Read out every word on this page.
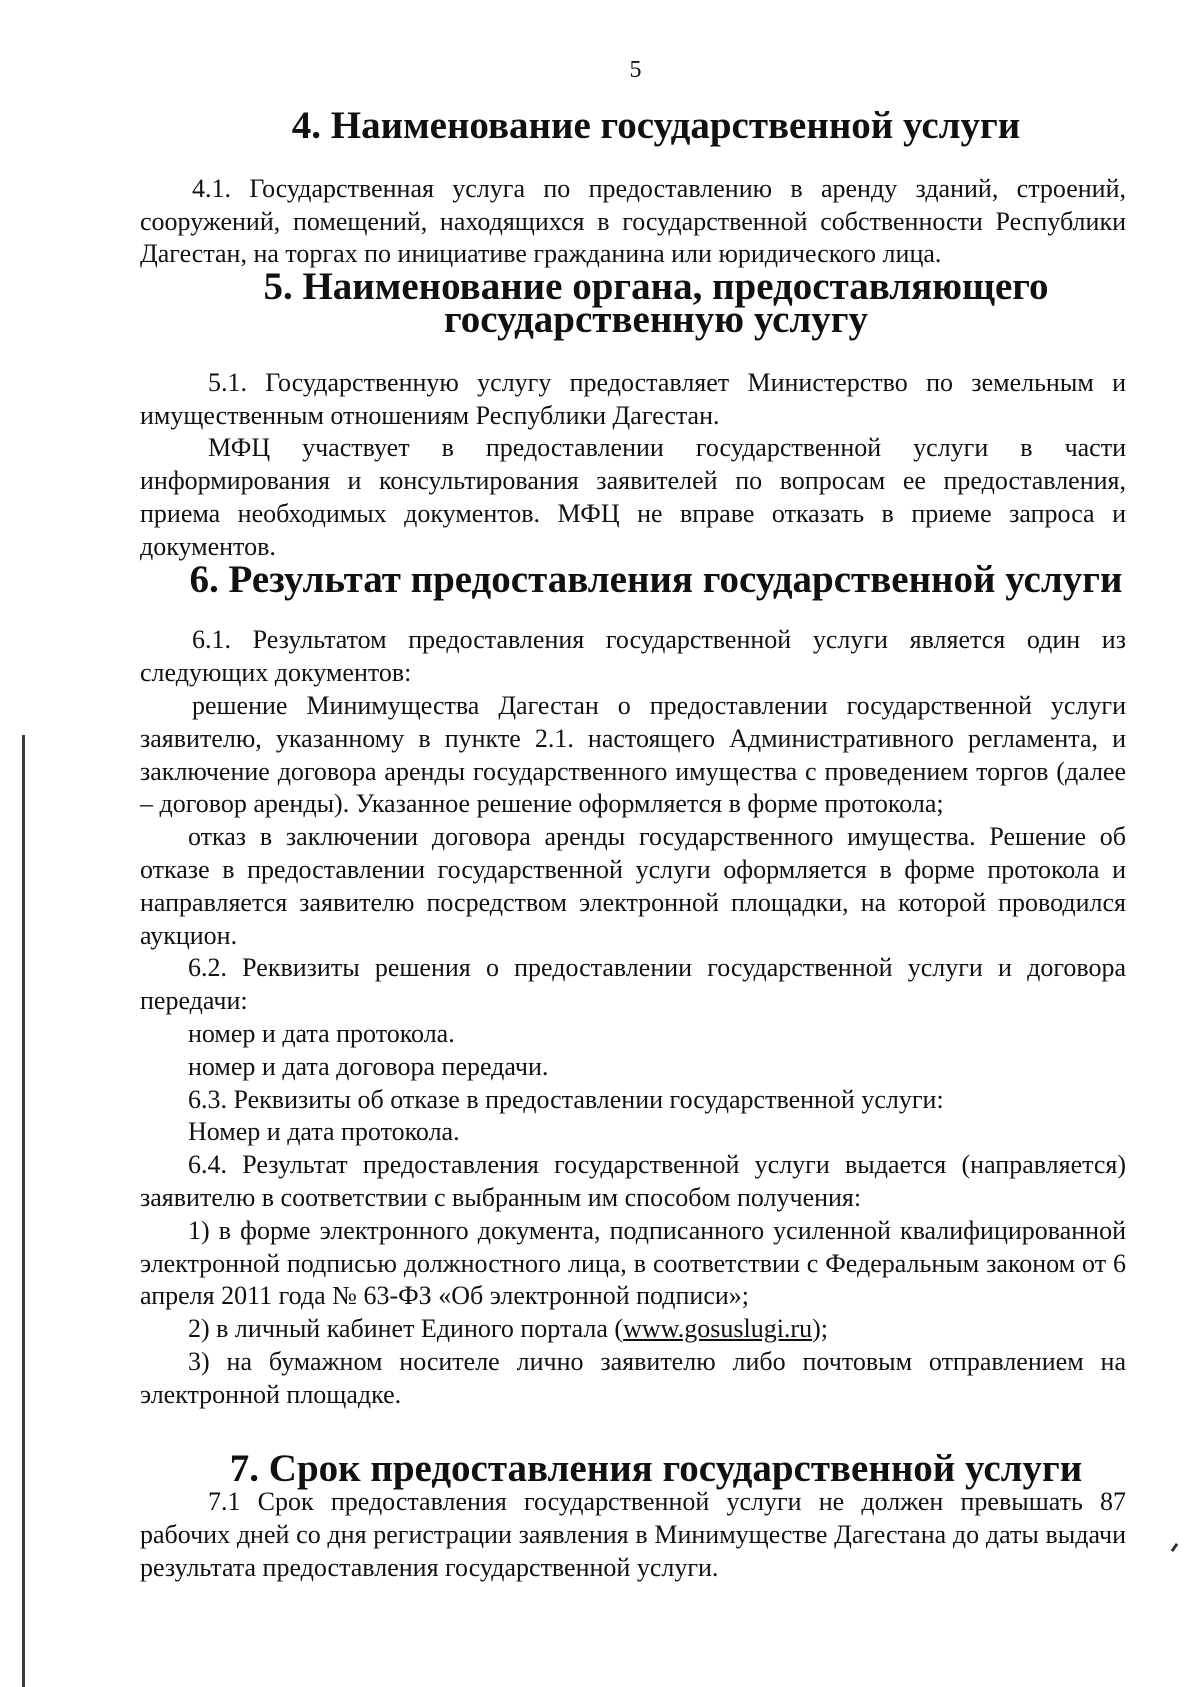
5
4. Наименование государственной услуги

4.1. Государственная услуга по предоставлению в аренду зданий, строений, сооружений, помещений, находящихся в государственной собственности Республики Дагестан, на торгах по инициативе гражданина или юридического лица.

5. Наименование органа, предоставляющего
государственную услугу

5.1. Государственную услугу предоставляет Министерство по земельным и имущественным отношениям Республики Дагестан.

МФЦ участвует в предоставлении государственной услуги в части информирования и консультирования заявителей по вопросам ее предоставления, приема необходимых документов. МФЦ не вправе отказать в приеме запроса и документов.

6. Результат предоставления государственной услуги

6.1. Результатом предоставления государственной услуги является один из следующих документов:

решение Минимущества Дагестан о предоставлении государственной услуги заявителю, указанному в пункте 2.1. настоящего Административного регламента, и заключение договора аренды государственного имущества с проведением торгов (далее – договор аренды). Указанное решение оформляется в форме протокола;

отказ в заключении договора аренды государственного имущества. Решение об отказе в предоставлении государственной услуги оформляется в форме протокола и направляется заявителю посредством электронной площадки, на которой проводился аукцион.

6.2. Реквизиты решения о предоставлении государственной услуги и договора передачи:

номер и дата протокола.

номер и дата договора передачи.

6.3. Реквизиты об отказе в предоставлении государственной услуги:

Номер и дата протокола.

6.4. Результат предоставления государственной услуги выдается (направляется) заявителю в соответствии с выбранным им способом получения:

1) в форме электронного документа, подписанного усиленной квалифицированной электронной подписью должностного лица, в соответствии с Федеральным законом от 6 апреля 2011 года № 63-ФЗ «Об электронной подписи»;

2) в личный кабинет Единого портала (www.gosuslugi.ru);

3) на бумажном носителе лично заявителю либо почтовым отправлением на электронной площадке.

7. Срок предоставления государственной услуги

7.1 Срок предоставления государственной услуги не должен превышать 87 рабочих дней со дня регистрации заявления в Минимуществе Дагестана до даты выдачи результата предоставления государственной услуги.
